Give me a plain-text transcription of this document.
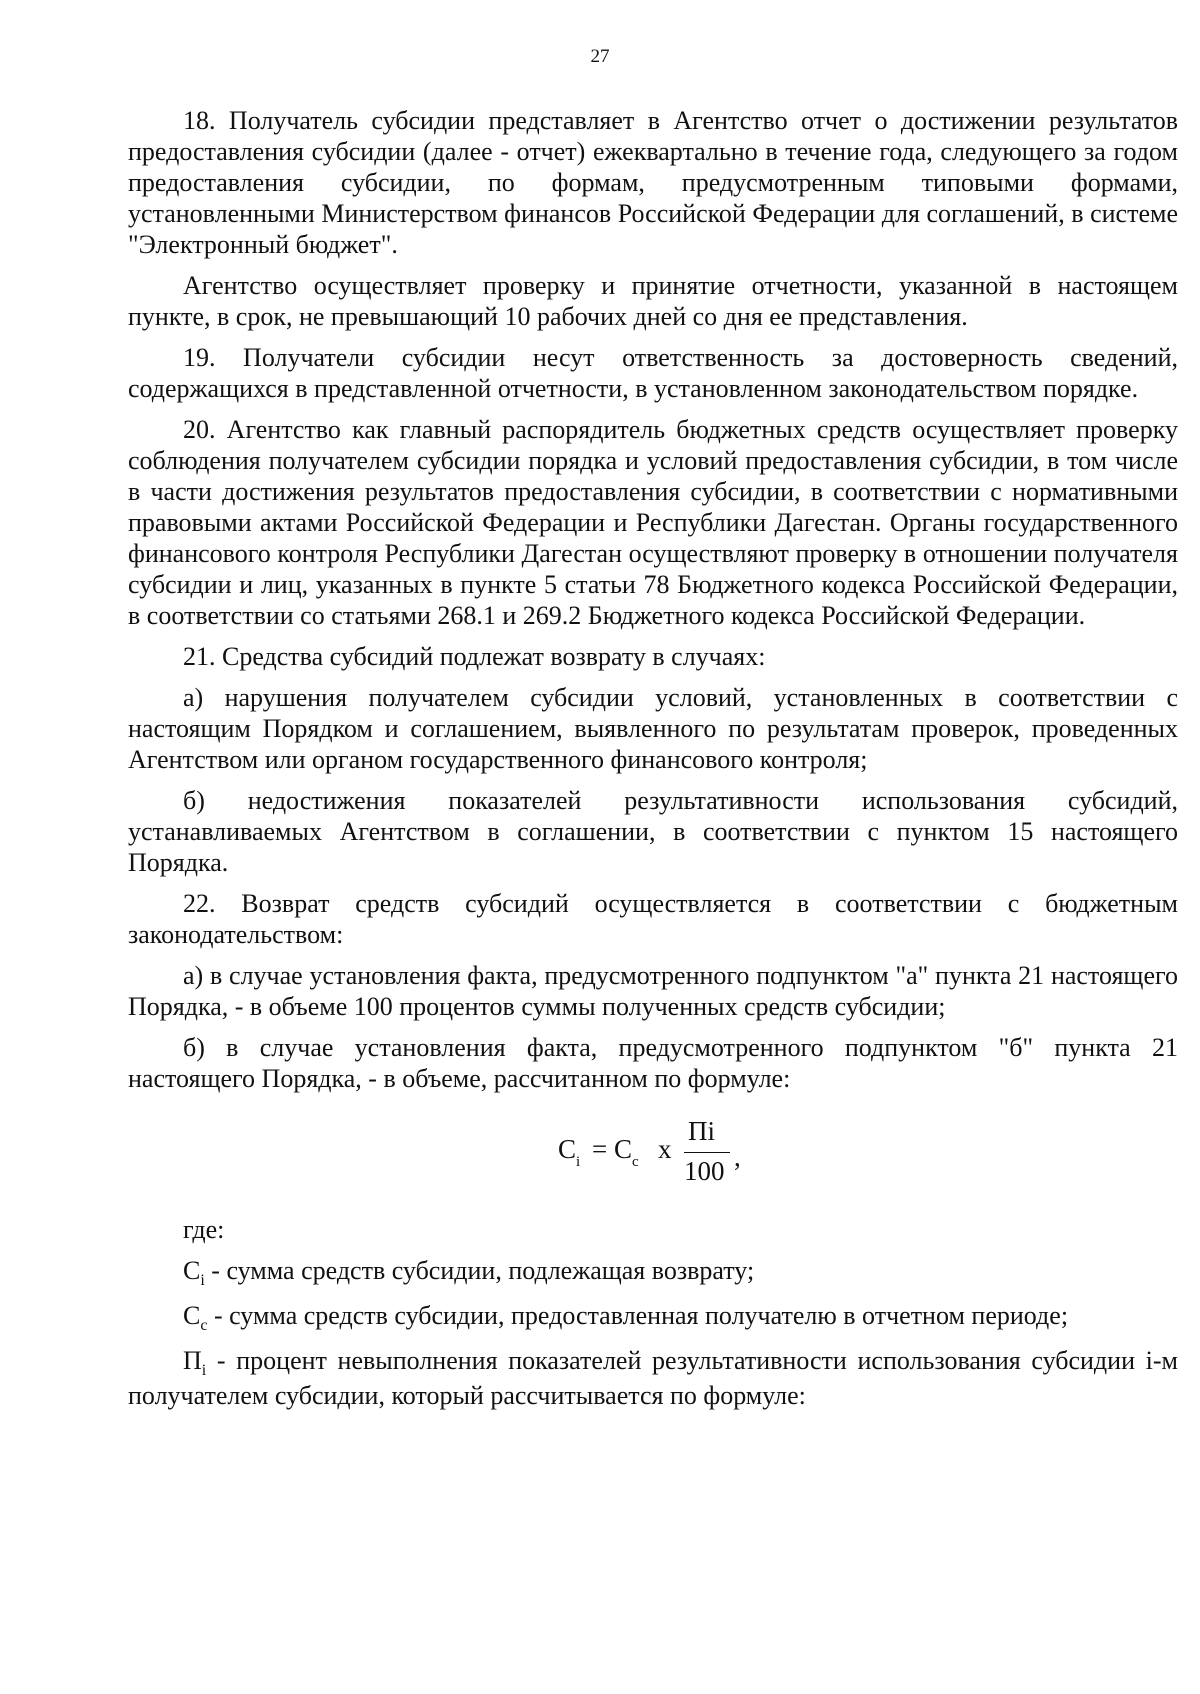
27

18. Получатель субсидии представляет в Агентство отчет о достижении результатов предоставления субсидии (далее - отчет) ежеквартально в течение года, следующего за годом предоставления субсидии, по формам, предусмотренным типовыми формами, установленными Министерством финансов Российской Федерации для соглашений, в системе "Электронный бюджет".

Агентство осуществляет проверку и принятие отчетности, указанной в настоящем пункте, в срок, не превышающий 10 рабочих дней со дня ее представления.

19. Получатели субсидии несут ответственность за достоверность сведений, содержащихся в представленной отчетности, в установленном законодательством порядке.

20. Агентство как главный распорядитель бюджетных средств осуществляет проверку соблюдения получателем субсидии порядка и условий предоставления субсидии, в том числе в части достижения результатов предоставления субсидии, в соответствии с нормативными правовыми актами Российской Федерации и Республики Дагестан. Органы государственного финансового контроля Республики Дагестан осуществляют проверку в отношении получателя субсидии и лиц, указанных в пункте 5 статьи 78 Бюджетного кодекса Российской Федерации, в соответствии со статьями 268.1 и 269.2 Бюджетного кодекса Российской Федерации.

21. Средства субсидий подлежат возврату в случаях:

а) нарушения получателем субсидии условий, установленных в соответствии с настоящим Порядком и соглашением, выявленного по результатам проверок, проведенных Агентством или органом государственного финансового контроля;

б) недостижения показателей результативности использования субсидий, устанавливаемых Агентством в соглашении, в соответствии с пунктом 15 настоящего Порядка.

22. Возврат средств субсидий осуществляется в соответствии с бюджетным законодательством:

а) в случае установления факта, предусмотренного подпунктом "а" пункта 21 настоящего Порядка, - в объеме 100 процентов суммы полученных средств субсидии;

б) в случае установления факта, предусмотренного подпунктом "б" пункта 21 настоящего Порядка, - в объеме, рассчитанном по формуле:

$C_i = C_c$ x
Пi
100 ,

где:

$C_i$ - сумма средств субсидии, подлежащая возврату;

$C_c$ - сумма средств субсидии, предоставленная получателю в отчетном периоде;

$П_i$ - процент невыполнения показателей результативности использования субсидии i-м получателем субсидии, который рассчитывается по формуле:
